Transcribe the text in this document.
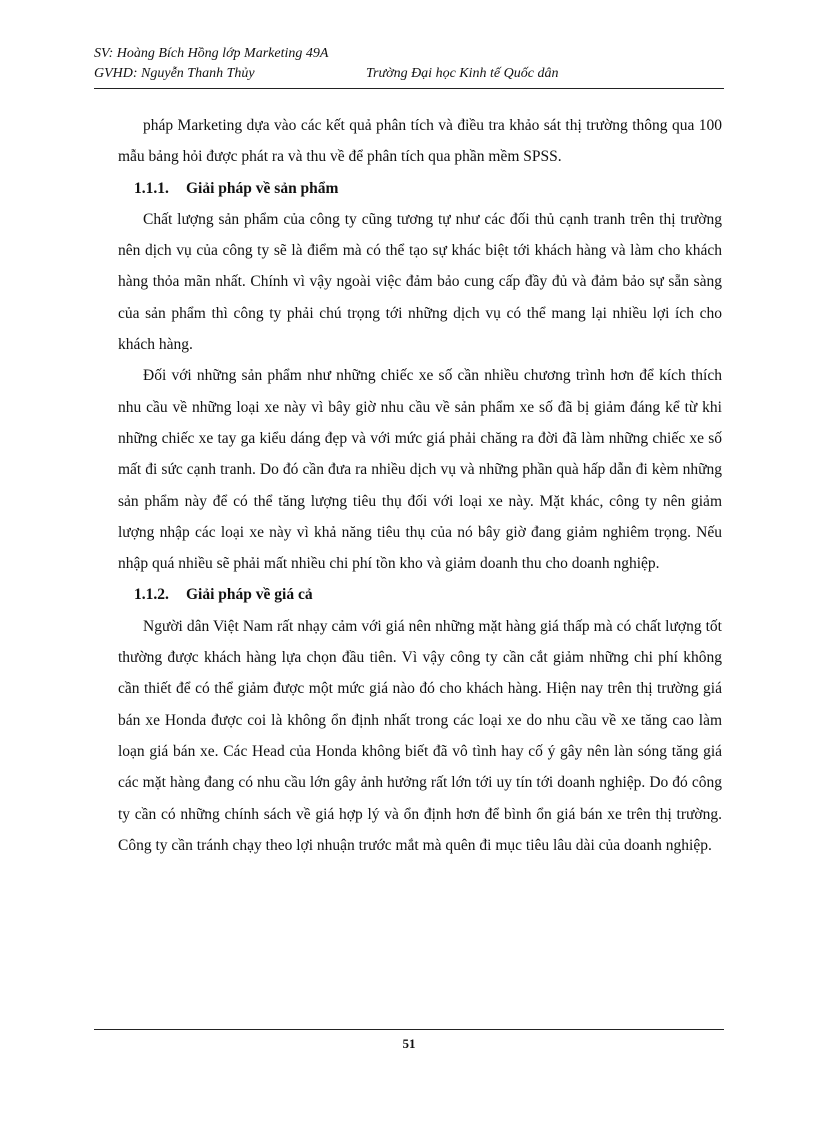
SV: Hoàng Bích Hồng lớp Marketing 49A
GVHD: Nguyễn Thanh Thủy	Trường Đại học Kinh tế Quốc dân

pháp Marketing dựa vào các kết quả phân tích và điều tra khảo sát thị trường thông qua 100 mẫu bảng hỏi được phát ra và thu về để phân tích qua phần mềm SPSS.

1.1.1. Giải pháp về sản phẩm

Chất lượng sản phẩm của công ty cũng tương tự như các đối thủ cạnh tranh trên thị trường nên dịch vụ của công ty sẽ là điểm mà có thể tạo sự khác biệt tới khách hàng và làm cho khách hàng thỏa mãn nhất. Chính vì vậy ngoài việc đảm bảo cung cấp đầy đủ và đảm bảo sự sẵn sàng của sản phẩm thì công ty phải chú trọng tới những dịch vụ có thể mang lại nhiều lợi ích cho khách hàng.

Đối với những sản phẩm như những chiếc xe số cần nhiều chương trình hơn để kích thích nhu cầu về những loại xe này vì bây giờ nhu cầu về sản phẩm xe số đã bị giảm đáng kể từ khi những chiếc xe tay ga kiểu dáng đẹp và với mức giá phải chăng ra đời đã làm những chiếc xe số mất đi sức cạnh tranh. Do đó cần đưa ra nhiều dịch vụ và những phần quà hấp dẫn đi kèm những sản phẩm này để có thể tăng lượng tiêu thụ đối với loại xe này. Mặt khác, công ty nên giảm lượng nhập các loại xe này vì khả năng tiêu thụ của nó bây giờ đang giảm nghiêm trọng. Nếu nhập quá nhiều sẽ phải mất nhiều chi phí tồn kho và giảm doanh thu cho doanh nghiệp.

1.1.2. Giải pháp về giá cả

Người dân Việt Nam rất nhạy cảm với giá nên những mặt hàng giá thấp mà có chất lượng tốt thường được khách hàng lựa chọn đầu tiên. Vì vậy công ty cần cắt giảm những chi phí không cần thiết để có thể giảm được một mức giá nào đó cho khách hàng. Hiện nay trên thị trường giá bán xe Honda được coi là không ổn định nhất trong các loại xe do nhu cầu về xe tăng cao làm loạn giá bán xe. Các Head của Honda không biết đã vô tình hay cố ý gây nên làn sóng tăng giá các mặt hàng đang có nhu cầu lớn gây ảnh hưởng rất lớn tới uy tín tới doanh nghiệp. Do đó công ty cần có những chính sách về giá hợp lý và ổn định hơn để bình ổn giá bán xe trên thị trường. Công ty cần tránh chạy theo lợi nhuận trước mắt mà quên đi mục tiêu lâu dài của doanh nghiệp.

51
